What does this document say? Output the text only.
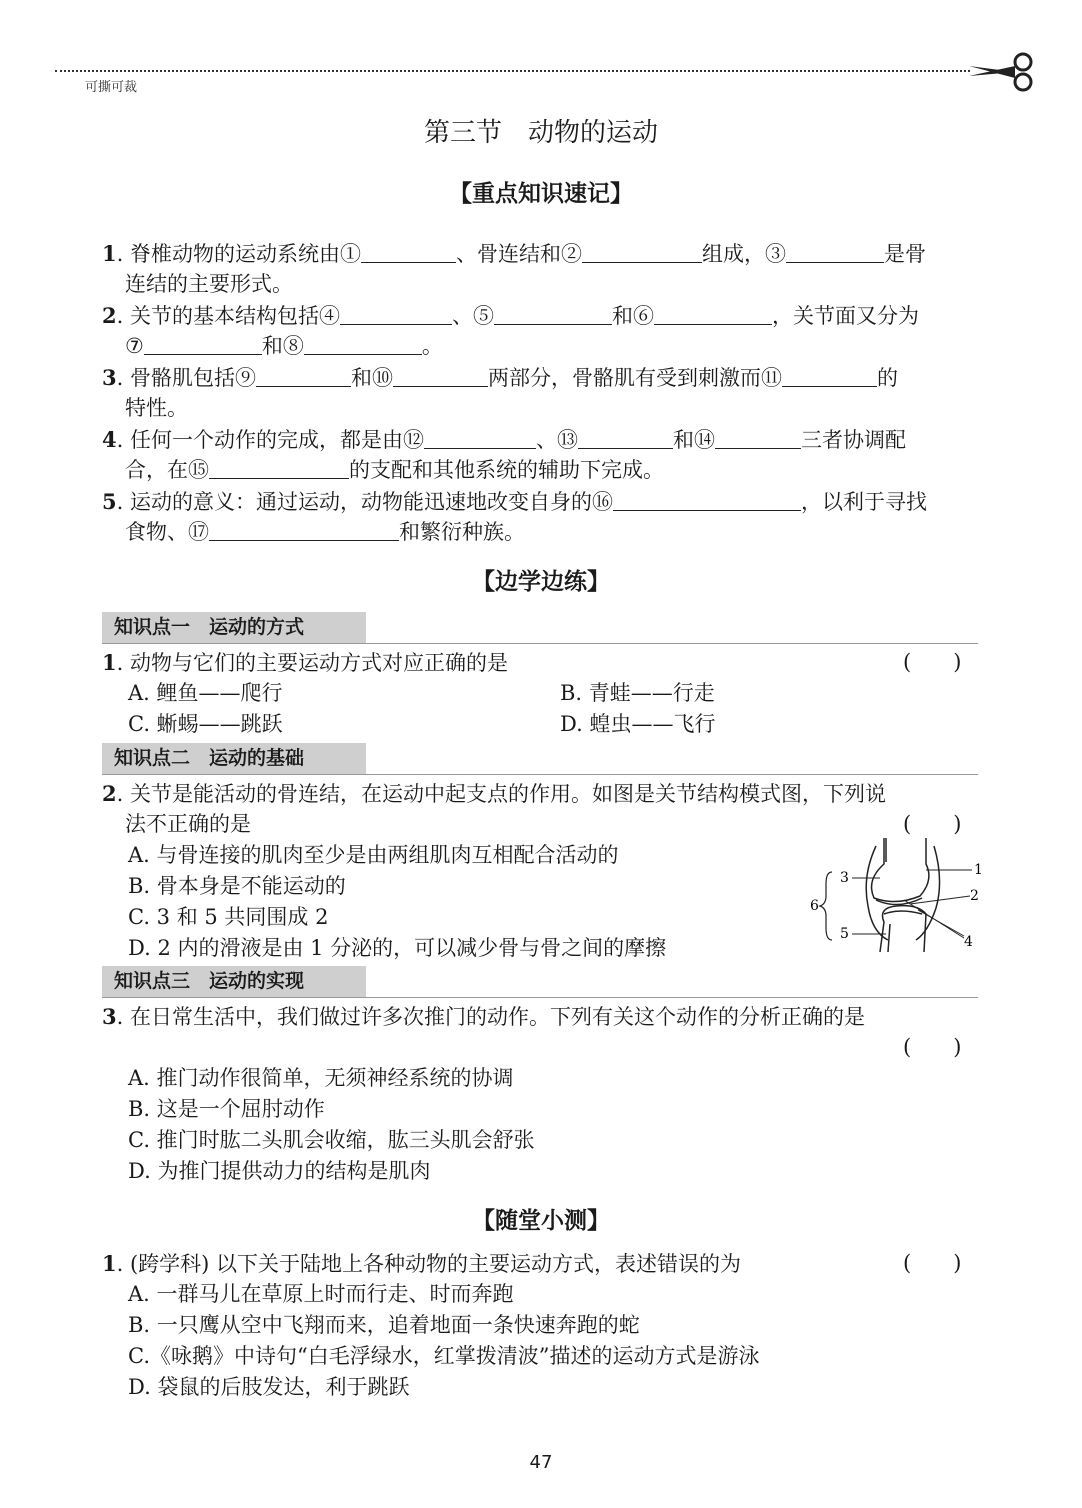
可撕可裁
第三节　动物的运动
【重点知识速记】
1. 脊椎动物的运动系统由①	、骨连结和②	组成，③	是骨
连结的主要形式。
2. 关节的基本结构包括④	、⑤	和⑥	，关节面又分为
⑦	和⑧	。
3. 骨骼肌包括⑨	和⑩	两部分，骨骼肌有受到刺激而⑪	的
特性。
4. 任何一个动作的完成，都是由⑫	、⑬	和⑭	三者协调配
合，在⑮	的支配和其他系统的辅助下完成。
5. 运动的意义：通过运动，动物能迅速地改变自身的⑯	，以利于寻找
食物、⑰	和繁衍种族。
【边学边练】
知识点一　运动的方式
1. 动物与它们的主要运动方式对应正确的是	(　　)
A. 鲤鱼——爬行	B. 青蛙——行走
C. 蜥蜴——跳跃	D. 蝗虫——飞行
知识点二　运动的基础
2. 关节是能活动的骨连结，在运动中起支点的作用。如图是关节结构模式图，下列说
法不正确的是	(　　)
A. 与骨连接的肌肉至少是由两组肌肉互相配合活动的
B. 骨本身是不能运动的
C. 3 和 5 共同围成 2
D. 2 内的滑液是由 1 分泌的，可以减少骨与骨之间的摩擦
1
2
3
4
5
6
知识点三　运动的实现
3. 在日常生活中，我们做过许多次推门的动作。下列有关这个动作的分析正确的是
(　　)
A. 推门动作很简单，无须神经系统的协调
B. 这是一个屈肘动作
C. 推门时肱二头肌会收缩，肱三头肌会舒张
D. 为推门提供动力的结构是肌肉
【随堂小测】
1. (跨学科) 以下关于陆地上各种动物的主要运动方式，表述错误的为	(　　)
A. 一群马儿在草原上时而行走、时而奔跑
B. 一只鹰从空中飞翔而来，追着地面一条快速奔跑的蛇
C.《咏鹅》中诗句“白毛浮绿水，红掌拨清波”描述的运动方式是游泳
D. 袋鼠的后肢发达，利于跳跃
47
